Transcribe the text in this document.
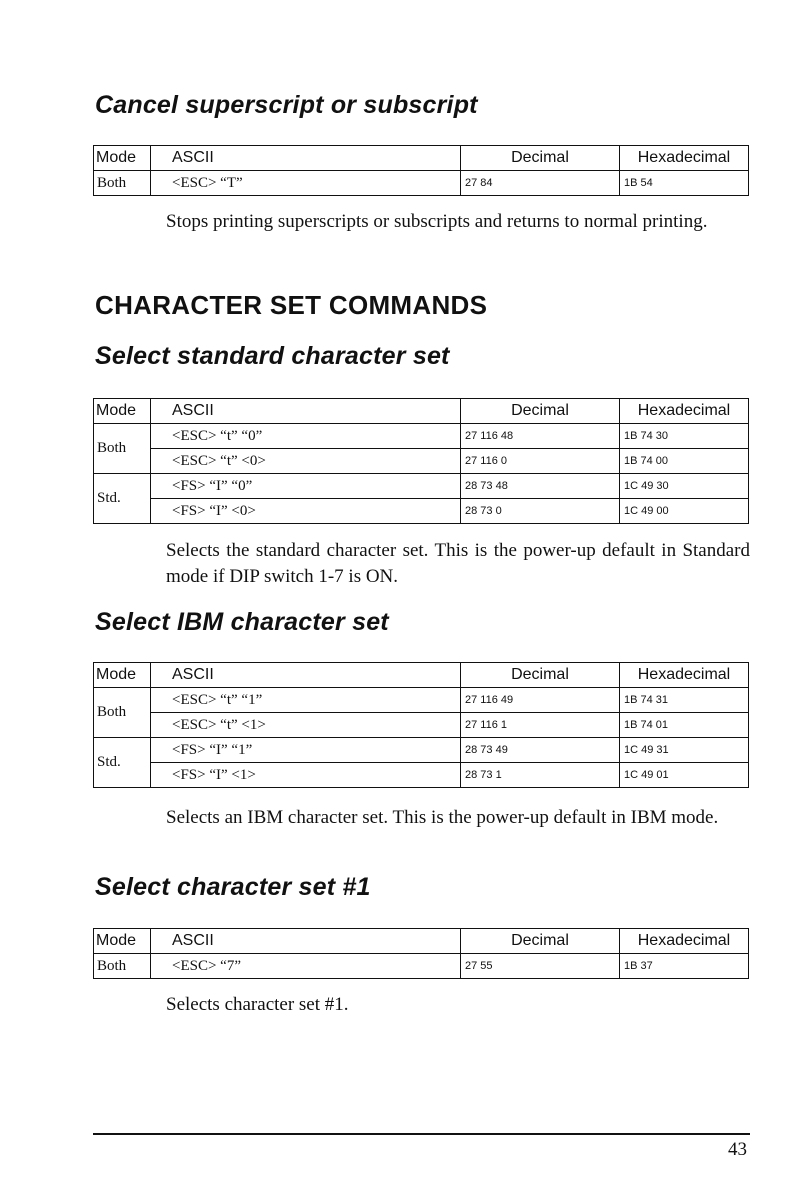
Cancel superscript or subscript
Mode	ASCII	Decimal	Hexadecimal
Both	<ESC> “T”	27 84	1B 54

Stops printing superscripts or subscripts and returns to normal printing.

CHARACTER SET COMMANDS
Select standard character set
Mode	ASCII	Decimal	Hexadecimal
Both	<ESC> “t” “0”	27 116 48	1B 74 30
	<ESC> “t” <0>	27 116 0	1B 74 00
Std.	<FS> “I” “0”	28 73 48	1C 49 30
	<FS> “I” <0>	28 73 0	1C 49 00

Selects the standard character set. This is the power-up default in Standard mode if DIP switch 1-7 is ON.

Select IBM character set
Mode	ASCII	Decimal	Hexadecimal
Both	<ESC> “t” “1”	27 116 49	1B 74 31
	<ESC> “t” <1>	27 116 1	1B 74 01
Std.	<FS> “I” “1”	28 73 49	1C 49 31
	<FS> “I” <1>	28 73 1	1C 49 01

Selects an IBM character set. This is the power-up default in IBM mode.

Select character set #1
Mode	ASCII	Decimal	Hexadecimal
Both	<ESC> “7”	27 55	1B 37

Selects character set #1.

43
